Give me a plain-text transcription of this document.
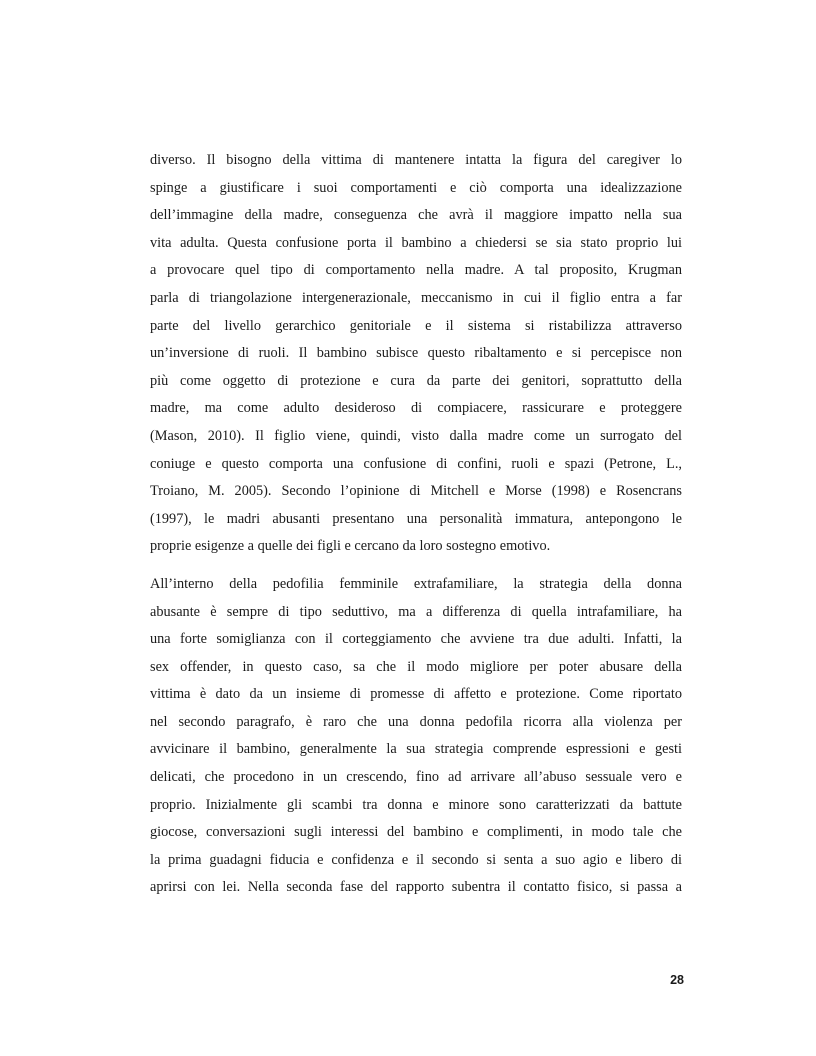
diverso. Il bisogno della vittima di mantenere intatta la figura del caregiver lo
spinge a giustificare i suoi comportamenti e ciò comporta una idealizzazione
dell’immagine della madre, conseguenza che avrà il maggiore impatto nella sua
vita adulta. Questa confusione porta il bambino a chiedersi se sia stato proprio lui
a provocare quel tipo di comportamento nella madre. A tal proposito, Krugman
parla di triangolazione intergenerazionale, meccanismo in cui il figlio entra a far
parte del livello gerarchico genitoriale e il sistema si ristabilizza attraverso
un’inversione di ruoli. Il bambino subisce questo ribaltamento e si percepisce non
più come oggetto di protezione e cura da parte dei genitori, soprattutto della
madre, ma come adulto desideroso di compiacere, rassicurare e proteggere
(Mason, 2010). Il figlio viene, quindi, visto dalla madre come un surrogato del
coniuge e questo comporta una confusione di confini, ruoli e spazi (Petrone, L.,
Troiano, M. 2005). Secondo l’opinione di Mitchell e Morse (1998) e Rosencrans
(1997), le madri abusanti presentano una personalità immatura, antepongono le
proprie esigenze a quelle dei figli e cercano da loro sostegno emotivo.
All’interno della pedofilia femminile extrafamiliare, la strategia della donna
abusante è sempre di tipo seduttivo, ma a differenza di quella intrafamiliare, ha
una forte somiglianza con il corteggiamento che avviene tra due adulti. Infatti, la
sex offender, in questo caso, sa che il modo migliore per poter abusare della
vittima è dato da un insieme di promesse di affetto e protezione. Come riportato
nel secondo paragrafo, è raro che una donna pedofila ricorra alla violenza per
avvicinare il bambino, generalmente la sua strategia comprende espressioni e gesti
delicati, che procedono in un crescendo, fino ad arrivare all’abuso sessuale vero e
proprio. Inizialmente gli scambi tra donna e minore sono caratterizzati da battute
giocose, conversazioni sugli interessi del bambino e complimenti, in modo tale che
la prima guadagni fiducia e confidenza e il secondo si senta a suo agio e libero di
aprirsi con lei. Nella seconda fase del rapporto subentra il contatto fisico, si passa a
28
